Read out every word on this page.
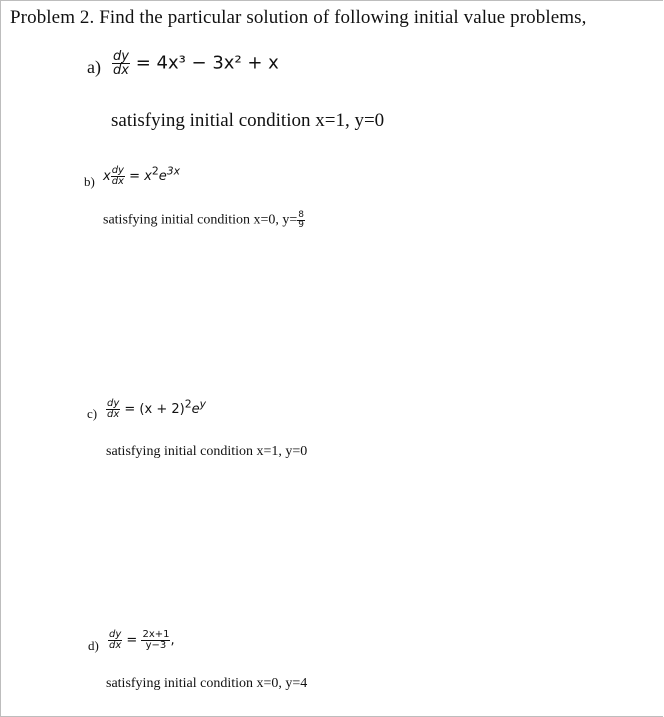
Problem 2. Find the particular solution of following initial value problems,
$a) \frac{dy}{dx} = 4x^3 - 3x^2 + x$
satisfying initial condition x=1, y=0
b) x $\frac{dy}{dx} = x^2e^{3x}$
satisfying initial condition x=0, $y= \frac{8}{9}$
$c) \frac{dy}{dx} = (x + 2)^2e^y$
satisfying initial condition x=1, y=0
$d) \frac{dy}{dx} = \frac{2x+1}{y-3}$ ,
satisfying initial condition x=0, y=4
